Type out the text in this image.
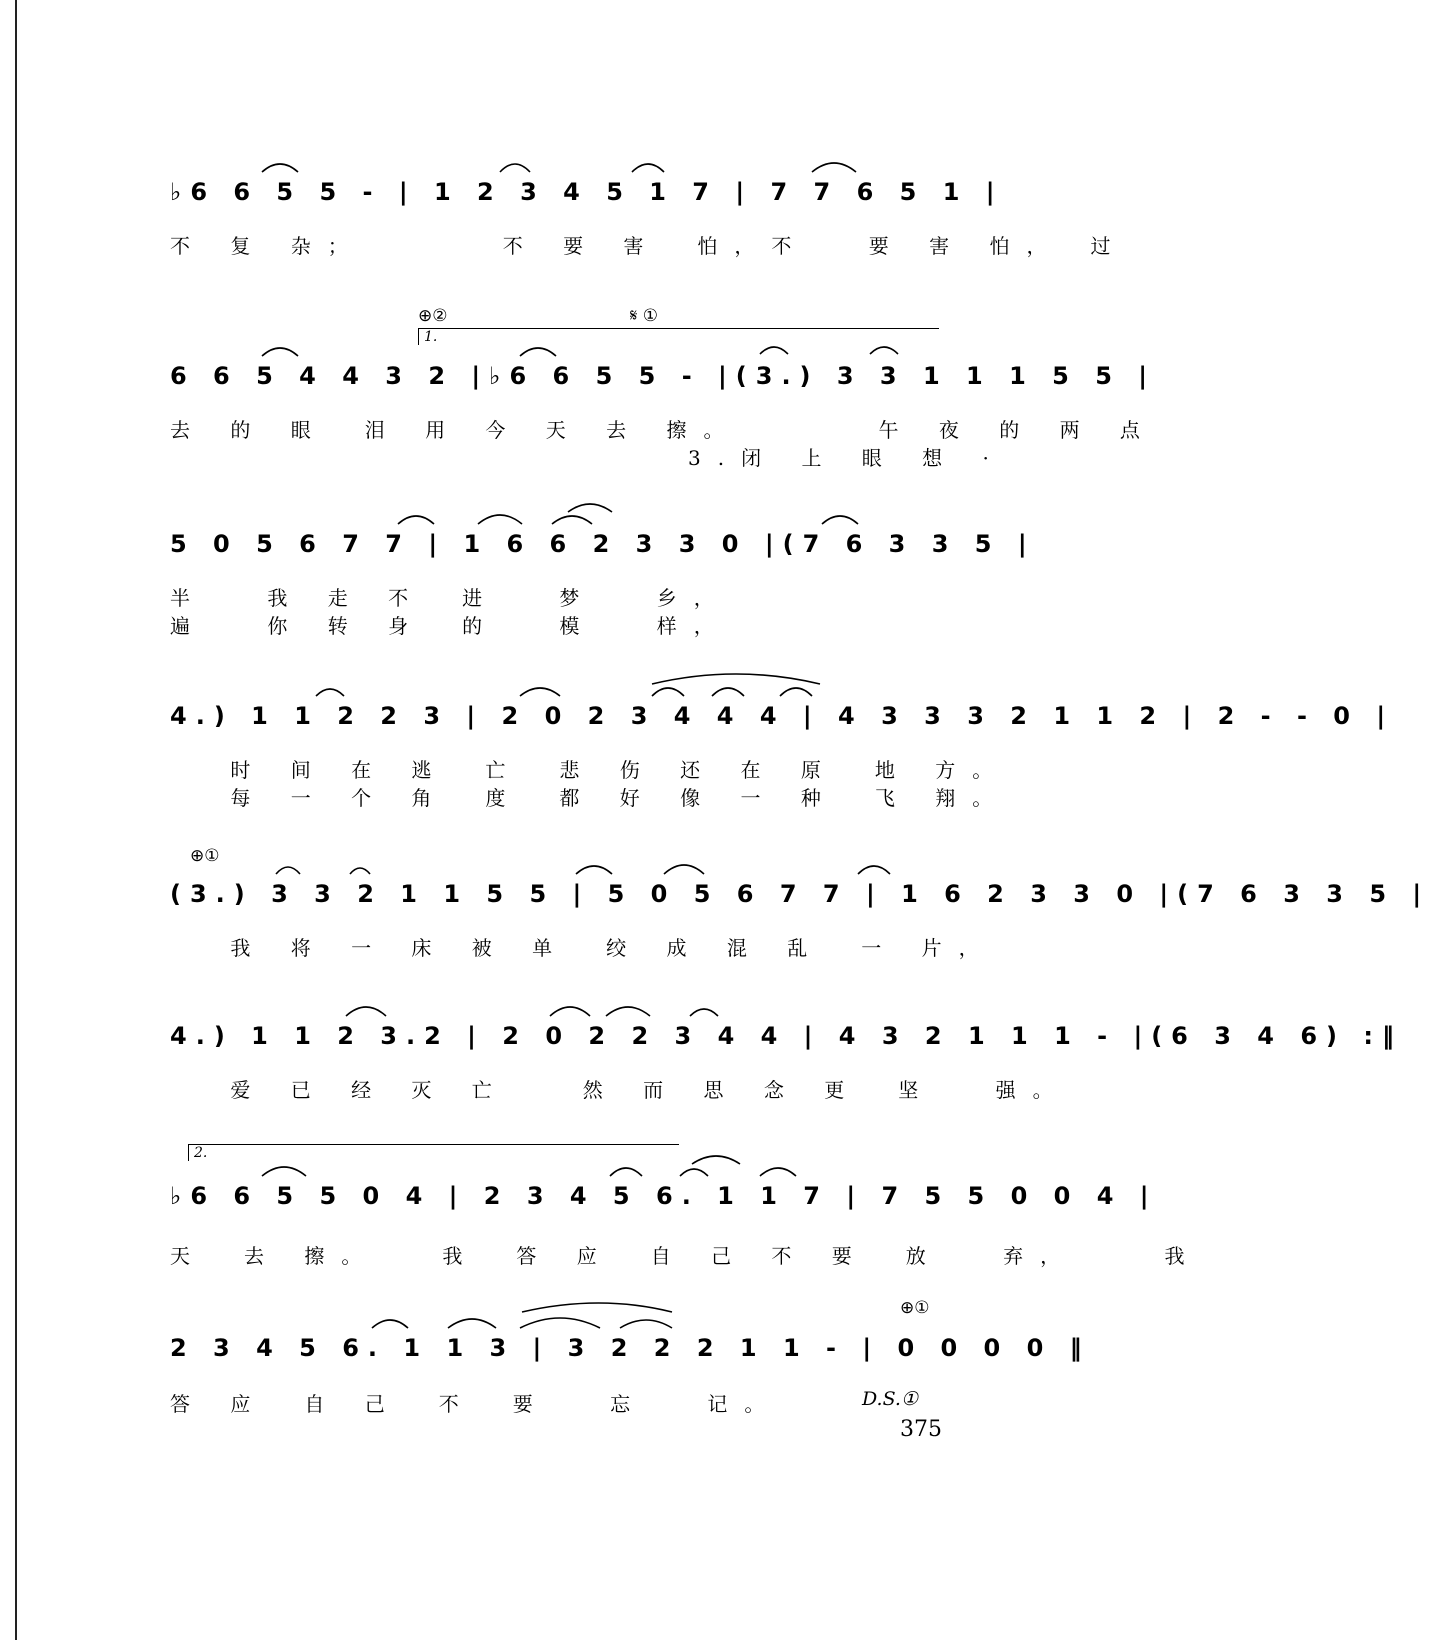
♭6 6 5 5 - | 1 2 3 4 5 1 7 | 7 7 6 5 1 |
不 复 杂；　　　　不 要 害　怕，不　 要 害 怕，　过
⊕②	𝄋 ①
1.
6 6 5 4 4 3 2 |♭6 6 5 5 - |(3.) 3 3 1 1 1 5 5 |
去 的 眼　泪 用 今 天 去 擦。　　　　午 夜 的 两 点
　　　　　　　　　　　　　　3.闭 上 眼 想 ·
5 0 5 6 7 7 | 1 6 6 2 3 3 0 |(7 6 3 3 5 |
半　 我 走 不　进　 梦　 乡，
遍　 你 转 身　的　 模　 样，
4.) 1 1 2 2 3 | 2 0 2 3 4 4 4 | 4 3 3 3 2 1 1 2 | 2 - - 0 |
　 时 间 在 逃　亡　悲 伤 还 在 原　地 方。
　 每 一 个 角　度　都 好 像 一 种　飞 翔。
⊕①
(3.) 3 3 2 1 1 5 5 | 5 0 5 6 7 7 | 1 6 2 3 3 0 |(7 6 3 3 5 |
　 我 将 一 床 被 单　绞 成 混 乱　一 片，
4.) 1 1 2 3.2 | 2 0 2 2 3 4 4 | 4 3 2 1 1 1 - |(6 3 4 6) :‖
　 爱 已 经 灭 亡　　然 而 思 念 更　坚　 强。
2.
♭6 6 5 5 0 4 | 2 3 4 5 6. 1 1 7 | 7 5 5 0 0 4 |
天　去 擦。　　我　答 应　自 己 不 要　放　 弃，　　 我
⊕①
2 3 4 5 6. 1 1 3 | 3 2 2 2 1 1 - | 0 0 0 0 ‖
答 应　自 己　不　要　 忘　 记。	D.S.①
375
